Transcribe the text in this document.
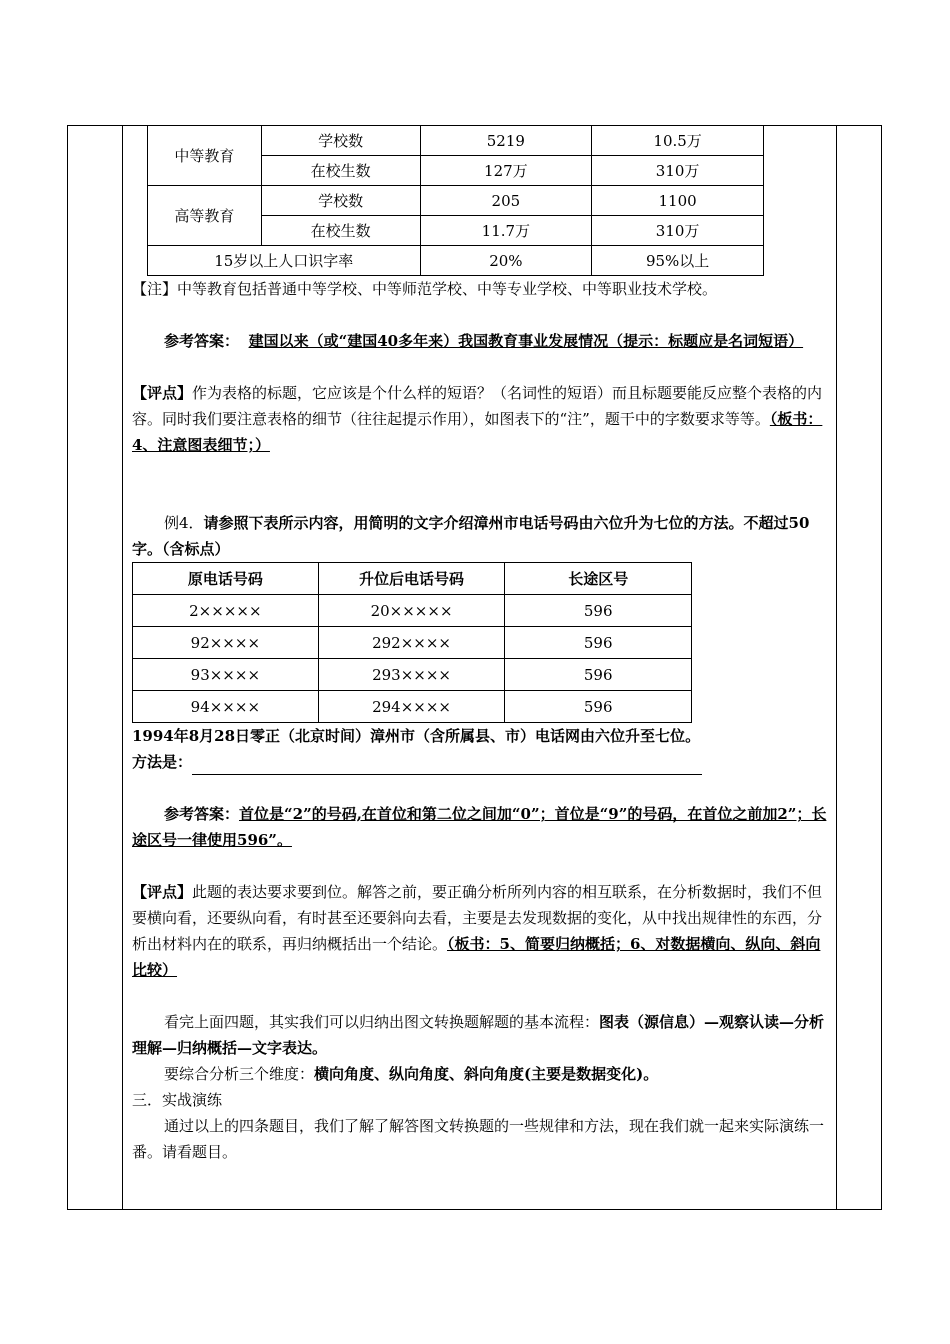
中等教育	学校数	5219	10.5万
	在校生数	127万	310万
高等教育	学校数	205	1100
	在校生数	11.7万	310万
15岁以上人口识字率		20%	95%以上

【注】中等教育包括普通中等学校、中等师范学校、中等专业学校、中等职业技术学校。

参考答案： 建国以来（或“建国40多年来）我国教育事业发展情况（提示：标题应是名词短语）

【评点】作为表格的标题，它应该是个什么样的短语？（名词性的短语）而且标题要能反应整个表格的内容。同时我们要注意表格的细节（往往起提示作用），如图表下的“注”，题干中的字数要求等等。（板书：4、注意图表细节；）

例4．请参照下表所示内容，用简明的文字介绍漳州市电话号码由六位升为七位的方法。不超过50字。（含标点）

原电话号码	升位后电话号码	长途区号
2×××××	20×××××	596
92××××	292××××	596
93××××	293××××	596
94××××	294××××	596

1994年8月28日零正（北京时间）漳州市（含所属县、市）电话网由六位升至七位。

方法是：

参考答案：首位是“2”的号码,在首位和第二位之间加“0”；首位是“9”的号码，在首位之前加2”；长途区号一律使用596”。

【评点】此题的表达要求要到位。解答之前，要正确分析所列内容的相互联系，在分析数据时，我们不但要横向看，还要纵向看，有时甚至还要斜向去看，主要是去发现数据的变化，从中找出规律性的东西，分析出材料内在的联系，再归纳概括出一个结论。（板书：5、简要归纳概括；6、对数据横向、纵向、斜向比较）

看完上面四题，其实我们可以归纳出图文转换题解题的基本流程：图表（源信息）—观察认读—分析理解—归纳概括—文字表达。

要综合分析三个维度：横向角度、纵向角度、斜向角度(主要是数据变化)。

三．实战演练

通过以上的四条题目，我们了解了解答图文转换题的一些规律和方法，现在我们就一起来实际演练一番。请看题目。
